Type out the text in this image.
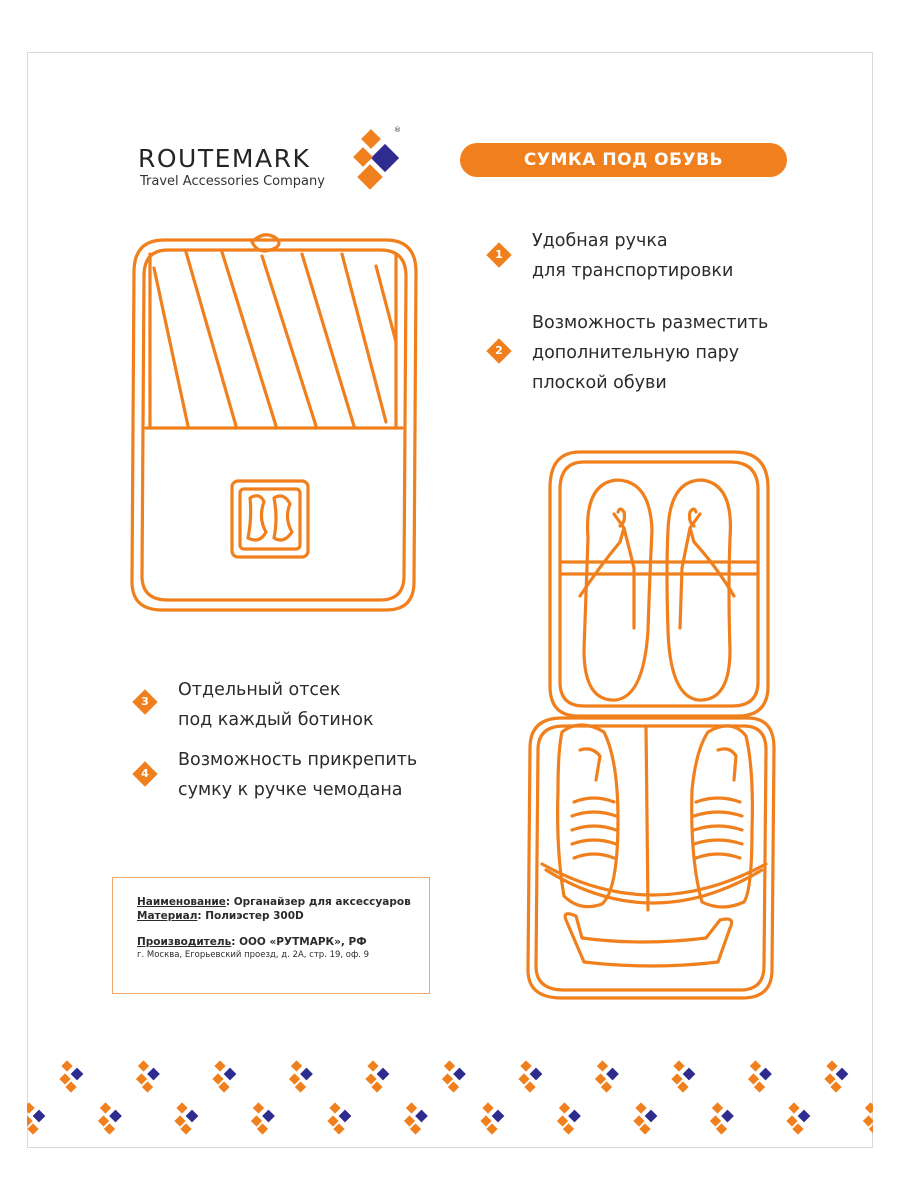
ROUTEMARK
Travel Accessories Company
®
СУМКА ПОД ОБУВЬ
1
Удобная ручка
для транспортировки
2
Возможность разместить
дополнительную пару
плоской обуви
3
Отдельный отсек
под каждый ботинок
4
Возможность прикрепить
сумку к ручке чемодана
Наименование: Органайзер для аксессуаров
Материал: Полиэстер 300D
Производитель: ООО «РУТМАРК», РФ
г. Москва, Егорьевский проезд, д. 2А, стр. 19, оф. 9
